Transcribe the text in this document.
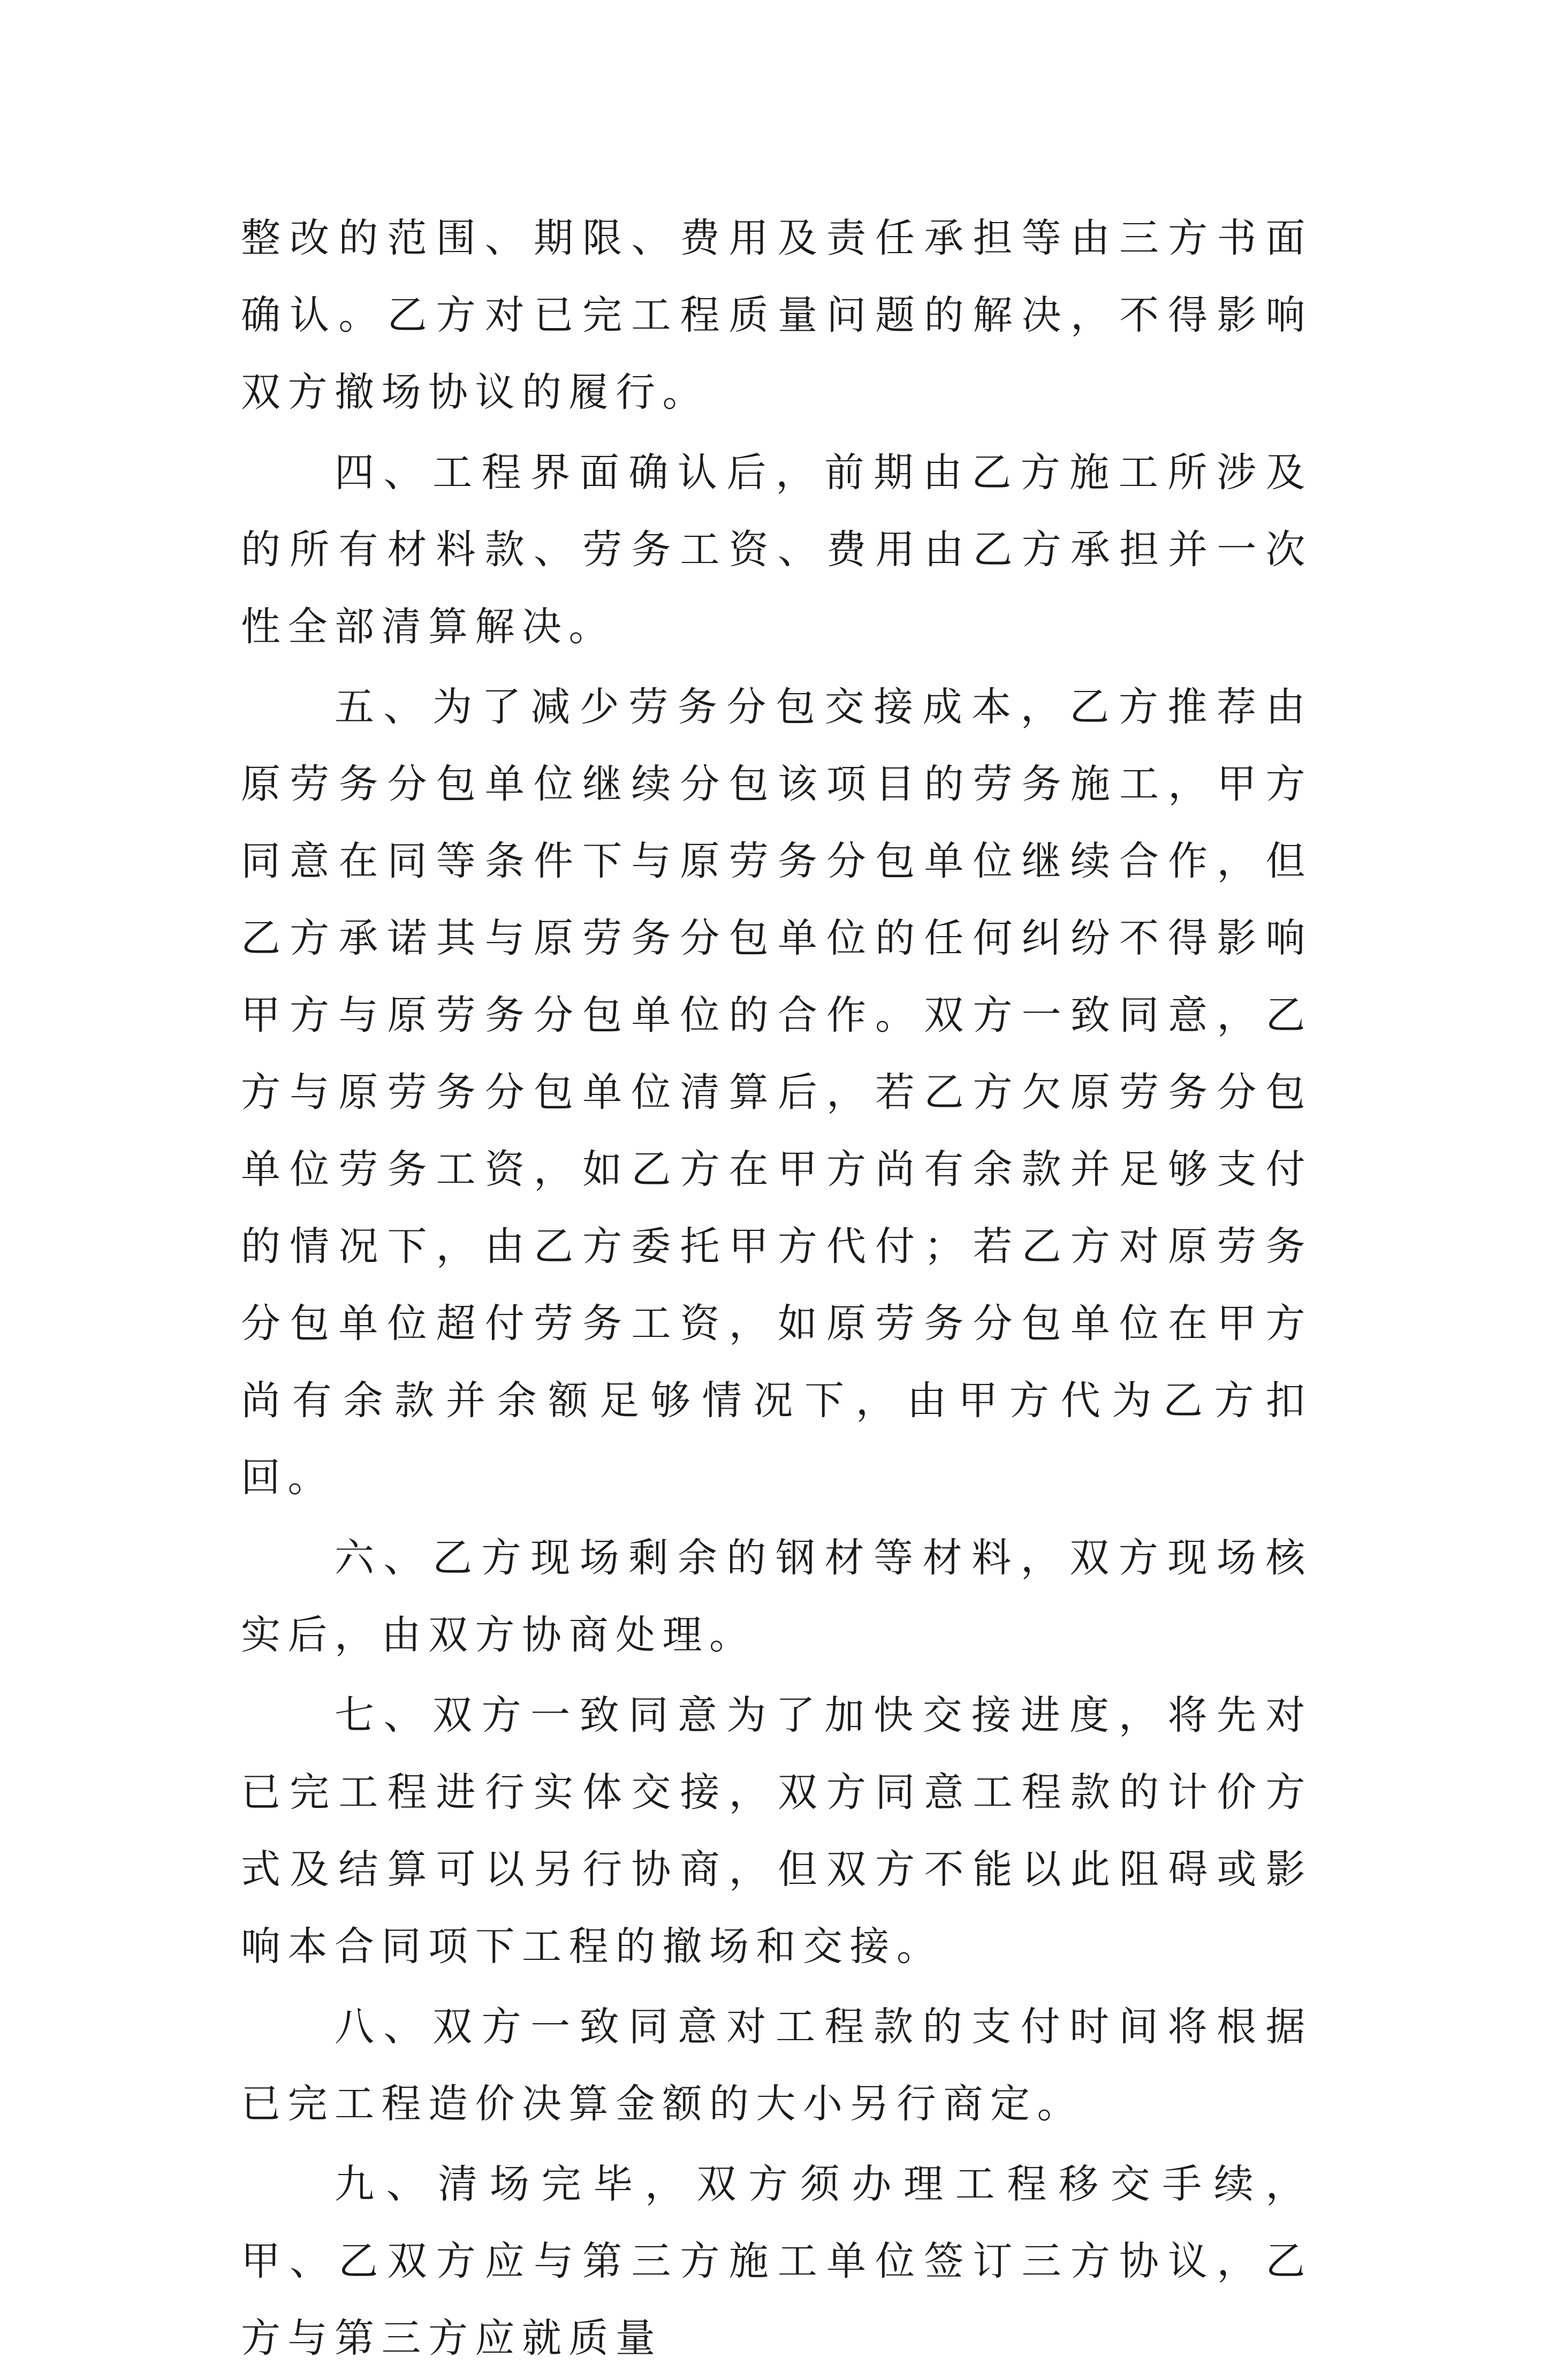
整改的范围、期限、费用及责任承担等由三方书面确认。乙方对已完工程质量问题的解决，不得影响双方撤场协议的履行。

四、工程界面确认后，前期由乙方施工所涉及的所有材料款、劳务工资、费用由乙方承担并一次性全部清算解决。

五、为了减少劳务分包交接成本，乙方推荐由原劳务分包单位继续分包该项目的劳务施工，甲方同意在同等条件下与原劳务分包单位继续合作，但乙方承诺其与原劳务分包单位的任何纠纷不得影响甲方与原劳务分包单位的合作。双方一致同意，乙方与原劳务分包单位清算后，若乙方欠原劳务分包单位劳务工资，如乙方在甲方尚有余款并足够支付的情况下，由乙方委托甲方代付；若乙方对原劳务分包单位超付劳务工资，如原劳务分包单位在甲方尚有余款并余额足够情况下，由甲方代为乙方扣回。

六、乙方现场剩余的钢材等材料，双方现场核实后，由双方协商处理。

七、双方一致同意为了加快交接进度，将先对已完工程进行实体交接，双方同意工程款的计价方式及结算可以另行协商，但双方不能以此阻碍或影响本合同项下工程的撤场和交接。

八、双方一致同意对工程款的支付时间将根据已完工程造价决算金额的大小另行商定。

九、清场完毕，双方须办理工程移交手续，甲、乙双方应与第三方施工单位签订三方协议，乙方与第三方应就质量
